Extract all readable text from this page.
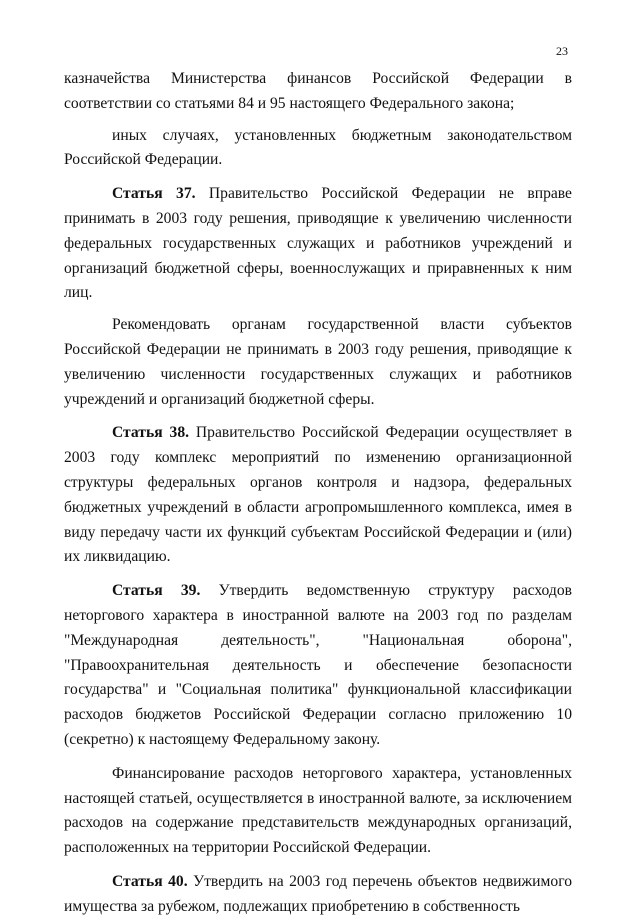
23

казначейства Министерства финансов Российской Федерации в соответствии со статьями 84 и 95 настоящего Федерального закона;

иных случаях, установленных бюджетным законодательством Российской Федерации.

Статья 37. Правительство Российской Федерации не вправе принимать в 2003 году решения, приводящие к увеличению численности федеральных государственных служащих и работников учреждений и организаций бюджетной сферы, военнослужащих и приравненных к ним лиц.

Рекомендовать органам государственной власти субъектов Российской Федерации не принимать в 2003 году решения, приводящие к увеличению численности государственных служащих и работников учреждений и организаций бюджетной сферы.

Статья 38. Правительство Российской Федерации осуществляет в 2003 году комплекс мероприятий по изменению организационной структуры федеральных органов контроля и надзора, федеральных бюджетных учреждений в области агропромышленного комплекса, имея в виду передачу части их функций субъектам Российской Федерации и (или) их ликвидацию.

Статья 39. Утвердить ведомственную структуру расходов неторгового характера в иностранной валюте на 2003 год по разделам "Международная деятельность", "Национальная оборона", "Правоохранительная деятельность и обеспечение безопасности государства" и "Социальная политика" функциональной классификации расходов бюджетов Российской Федерации согласно приложению 10 (секретно) к настоящему Федеральному закону.

Финансирование расходов неторгового характера, установленных настоящей статьей, осуществляется в иностранной валюте, за исключением расходов на содержание представительств международных организаций, расположенных на территории Российской Федерации.

Статья 40. Утвердить на 2003 год перечень объектов недвижимого имущества за рубежом, подлежащих приобретению в собственность
